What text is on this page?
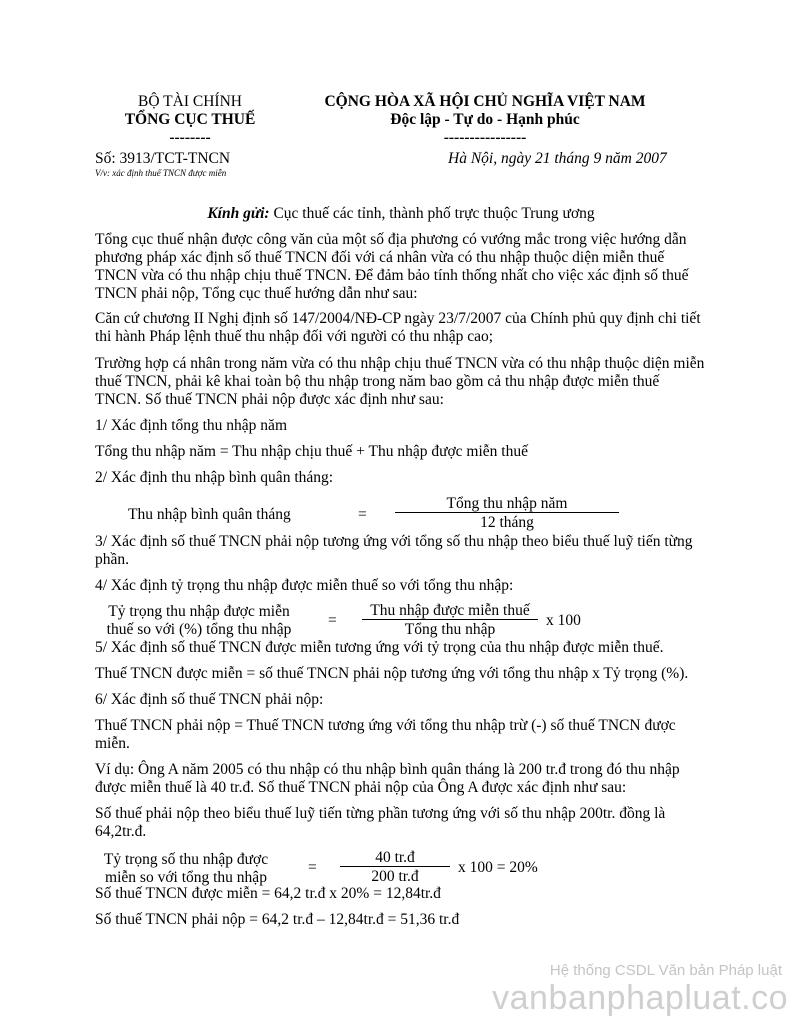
BỘ TÀI CHÍNH
TỔNG CỤC THUẾ
--------
Số: 3913/TCT-TNCN
V/v: xác định thuế TNCN được miễn
CỘNG HÒA XÃ HỘI CHỦ NGHĨA VIỆT NAM
Độc lập - Tự do - Hạnh phúc
----------------
Hà Nội, ngày 21 tháng 9 năm 2007
Kính gửi: Cục thuế các tỉnh, thành phố trực thuộc Trung ương

Tổng cục thuế nhận được công văn của một số địa phương có vướng mắc trong việc hướng dẫn phương pháp xác định số thuế TNCN đối với cá nhân vừa có thu nhập thuộc diện miễn thuế TNCN vừa có thu nhập chịu thuế TNCN. Để đảm bảo tính thống nhất cho việc xác định số thuế TNCN phải nộp, Tổng cục thuế hướng dẫn như sau:

Căn cứ chương II Nghị định số 147/2004/NĐ-CP ngày 23/7/2007 của Chính phủ quy định chi tiết thi hành Pháp lệnh thuế thu nhập đối với người có thu nhập cao;

Trường hợp cá nhân trong năm vừa có thu nhập chịu thuế TNCN vừa có thu nhập thuộc diện miễn thuế TNCN, phải kê khai toàn bộ thu nhập trong năm bao gồm cả thu nhập được miễn thuế TNCN. Số thuế TNCN phải nộp được xác định như sau:

1/ Xác định tổng thu nhập năm

Tổng thu nhập năm = Thu nhập chịu thuế + Thu nhập được miễn thuế

2/ Xác định thu nhập bình quân tháng:

Thu nhập bình quân tháng	=
Tổng thu nhập năm
12 tháng

3/ Xác định số thuế TNCN phải nộp tương ứng với tổng số thu nhập theo biểu thuế luỹ tiến từng phần.

4/ Xác định tỷ trọng thu nhập được miễn thuế so với tổng thu nhập:

Tỷ trọng thu nhập được miễn
thuế so với (%) tổng thu nhập
=
Thu nhập được miễn thuế
Tổng thu nhập
x 100

5/ Xác định số thuế TNCN được miễn tương ứng với tỷ trọng của thu nhập được miễn thuế.

Thuế TNCN được miễn = số thuế TNCN phải nộp tương ứng với tổng thu nhập x Tỷ trọng (%).

6/ Xác định số thuế TNCN phải nộp:

Thuế TNCN phải nộp = Thuế TNCN tương ứng với tổng thu nhập trừ (-) số thuế TNCN được miễn.

Ví dụ: Ông A năm 2005 có thu nhập có thu nhập bình quân tháng là 200 tr.đ trong đó thu nhập được miễn thuế là 40 tr.đ. Số thuế TNCN phải nộp của Ông A được xác định như sau:

Số thuế phải nộp theo biểu thuế luỹ tiến từng phần tương ứng với số thu nhập 200tr. đồng là 64,2tr.đ.

Tỷ trọng số thu nhập được
miễn so với tổng thu nhập
=
40 tr.đ
200 tr.đ
x 100 = 20%

Số thuế TNCN được miễn = 64,2 tr.đ x 20% = 12,84tr.đ

Số thuế TNCN phải nộp = 64,2 tr.đ – 12,84tr.đ = 51,36 tr.đ

Hệ thống CSDL Văn bản Pháp luật
vanbanphapluat.co
